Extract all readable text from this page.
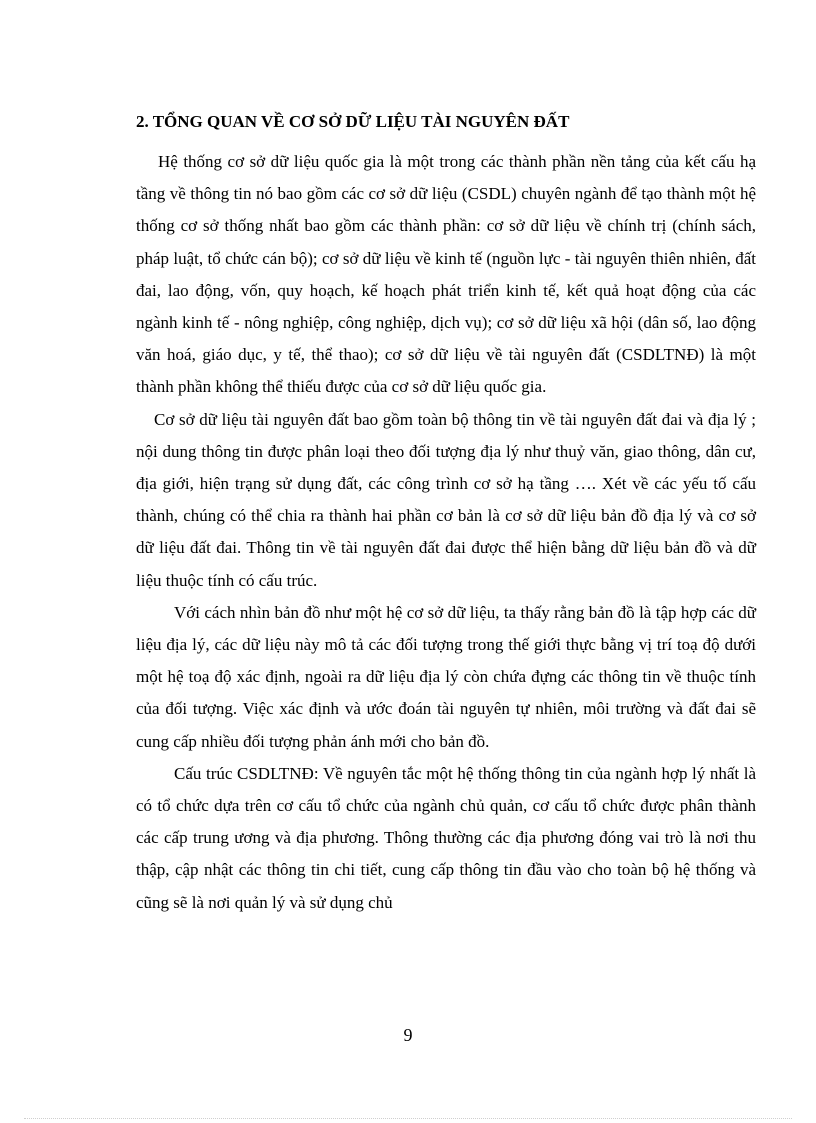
2. TỔNG QUAN VỀ CƠ SỞ DỮ LIỆU TÀI NGUYÊN ĐẤT

Hệ thống cơ sở dữ liệu quốc gia là một trong các thành phần nền tảng của kết cấu hạ tầng về thông tin nó bao gồm các cơ sở dữ liệu (CSDL) chuyên ngành để tạo thành một hệ thống cơ sở thống nhất bao gồm các thành phần: cơ sở dữ liệu về chính trị (chính sách, pháp luật, tổ chức cán bộ); cơ sở dữ liệu về kinh tế (nguồn lực - tài nguyên thiên nhiên, đất đai, lao động, vốn, quy hoạch, kế hoạch phát triển kinh tế, kết quả hoạt động của các ngành kinh tế - nông nghiệp, công nghiệp, dịch vụ); cơ sở dữ liệu xã hội (dân số, lao động văn hoá, giáo dục, y tế, thể thao); cơ sở dữ liệu về tài nguyên đất (CSDLTNĐ) là một thành phần không thể thiếu được của cơ sở dữ liệu quốc gia.

Cơ sở dữ liệu tài nguyên đất bao gồm toàn bộ thông tin về tài nguyên đất đai và địa lý ; nội dung thông tin được phân loại theo đối tượng địa lý như thuỷ văn, giao thông, dân cư, địa giới, hiện trạng sử dụng đất, các công trình cơ sở hạ tầng …. Xét về các yếu tố cấu thành, chúng có thể chia ra thành hai phần cơ bản là cơ sở dữ liệu bản đồ địa lý và cơ sở dữ liệu đất đai. Thông tin về tài nguyên đất đai được thể hiện bằng dữ liệu bản đồ và dữ liệu thuộc tính có cấu trúc.

Với cách nhìn bản đồ như một hệ cơ sở dữ liệu, ta thấy rằng bản đồ là tập hợp các dữ liệu địa lý, các dữ liệu này mô tả các đối tượng trong thế giới thực bằng vị trí toạ độ dưới một hệ toạ độ xác định, ngoài ra dữ liệu địa lý còn chứa đựng các thông tin về thuộc tính của đối tượng. Việc xác định và ước đoán tài nguyên tự nhiên, môi trường và đất đai sẽ cung cấp nhiều đối tượng phản ánh mới cho bản đồ.

Cấu trúc CSDLTNĐ: Về nguyên tắc một hệ thống thông tin của ngành hợp lý nhất là có tổ chức dựa trên cơ cấu tổ chức của ngành chủ quản, cơ cấu tổ chức được phân thành các cấp trung ương và địa phương. Thông thường các địa phương đóng vai trò là nơi thu thập, cập nhật các thông tin chi tiết, cung cấp thông tin đầu vào cho toàn bộ hệ thống và cũng sẽ là nơi quản lý và sử dụng chủ

9
